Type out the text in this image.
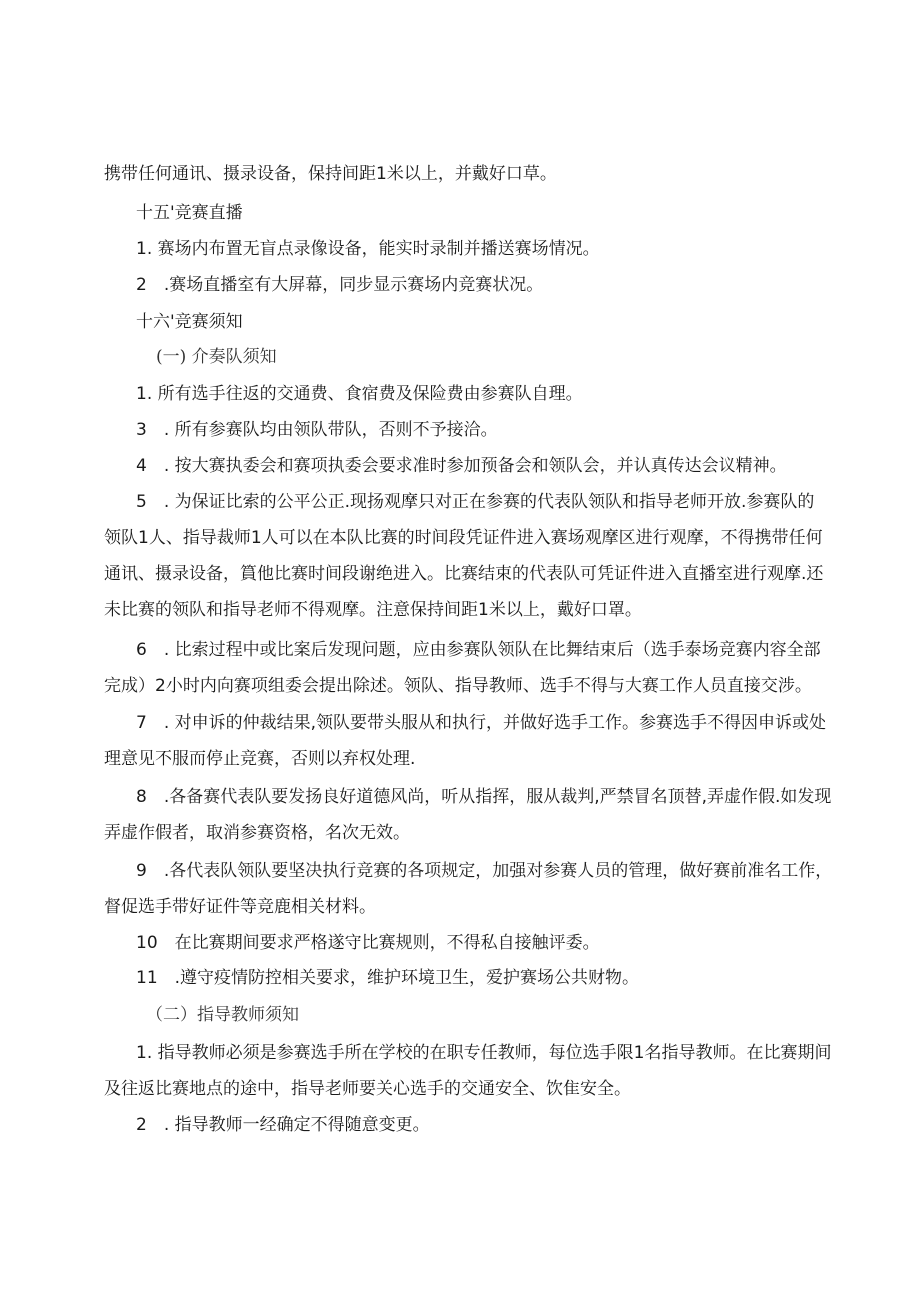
携带任何通讯、摄录设备，保持间距1米以上，并戴好口草。
十五'竞赛直播
1. 赛场内布置无盲点录像设备，能实时录制并播送赛场情况。
2　.赛场直播室有大屏幕，同步显示赛场内竞赛状况。
十六'竞赛须知
(一) 介奏队须知
1. 所有选手往返的交通费、食宿费及保险费由参赛队自理。
3　. 所有参赛队均由领队带队，否则不予接洽。
4　. 按大赛执委会和赛项执委会要求准时参加预备会和领队会，并认真传达会议精神。
5　. 为保证比索的公平公正.现扬观摩只对正在参赛的代表队领队和指导老师开放.参赛队的
领队1人、指导裁师1人可以在本队比赛的时间段凭证件进入赛场观摩区进行观摩，不得携带任何
通讯、摄录设备，篔他比赛时间段谢绝进入。比赛结束的代表队可凭证件进入直播室进行观摩.还
未比赛的领队和指导老师不得观摩。注意保持间距1米以上，戴好口罩。
6　. 比索过程中或比案后发现问题，应由参赛队领队在比舞结束后（选手泰场竞赛内容全部
完成）2小时内向赛项组委会提出除述。领队、指导教师、选手不得与大赛工作人员直接交涉。
7　. 对申诉的仲裁结果,领队要带头服从和执行，并做好选手工作。参赛选手不得因申诉或处
理意见不服而停止竞赛，否则以弃权处理.
8　.各备赛代表队要发扬良好道德风尚，听从指挥，服从裁判,严禁冒名顶替,弄虚作假.如发现
弄虚作假者，取消参赛资格，名次无效。
9　.各代表队领队要坚决执行竞赛的各项规定，加强对参赛人员的管理，做好赛前准名工作，
督促选手带好证件等竞鹿相关材料。
10　在比赛期间要求严格遂守比赛规则，不得私自接触评委。
11　.遵守疫情防控相关要求，维护环境卫生，爱护赛场公共财物。
（二）指导教师须知
1. 指导教师必须是参赛选手所在学校的在职专任教师，每位选手限1名指导教师。在比赛期间
及往返比赛地点的途中，指导老师要关心选手的交通安全、饮隹安全。
2　. 指导教师一经确定不得随意变更。
